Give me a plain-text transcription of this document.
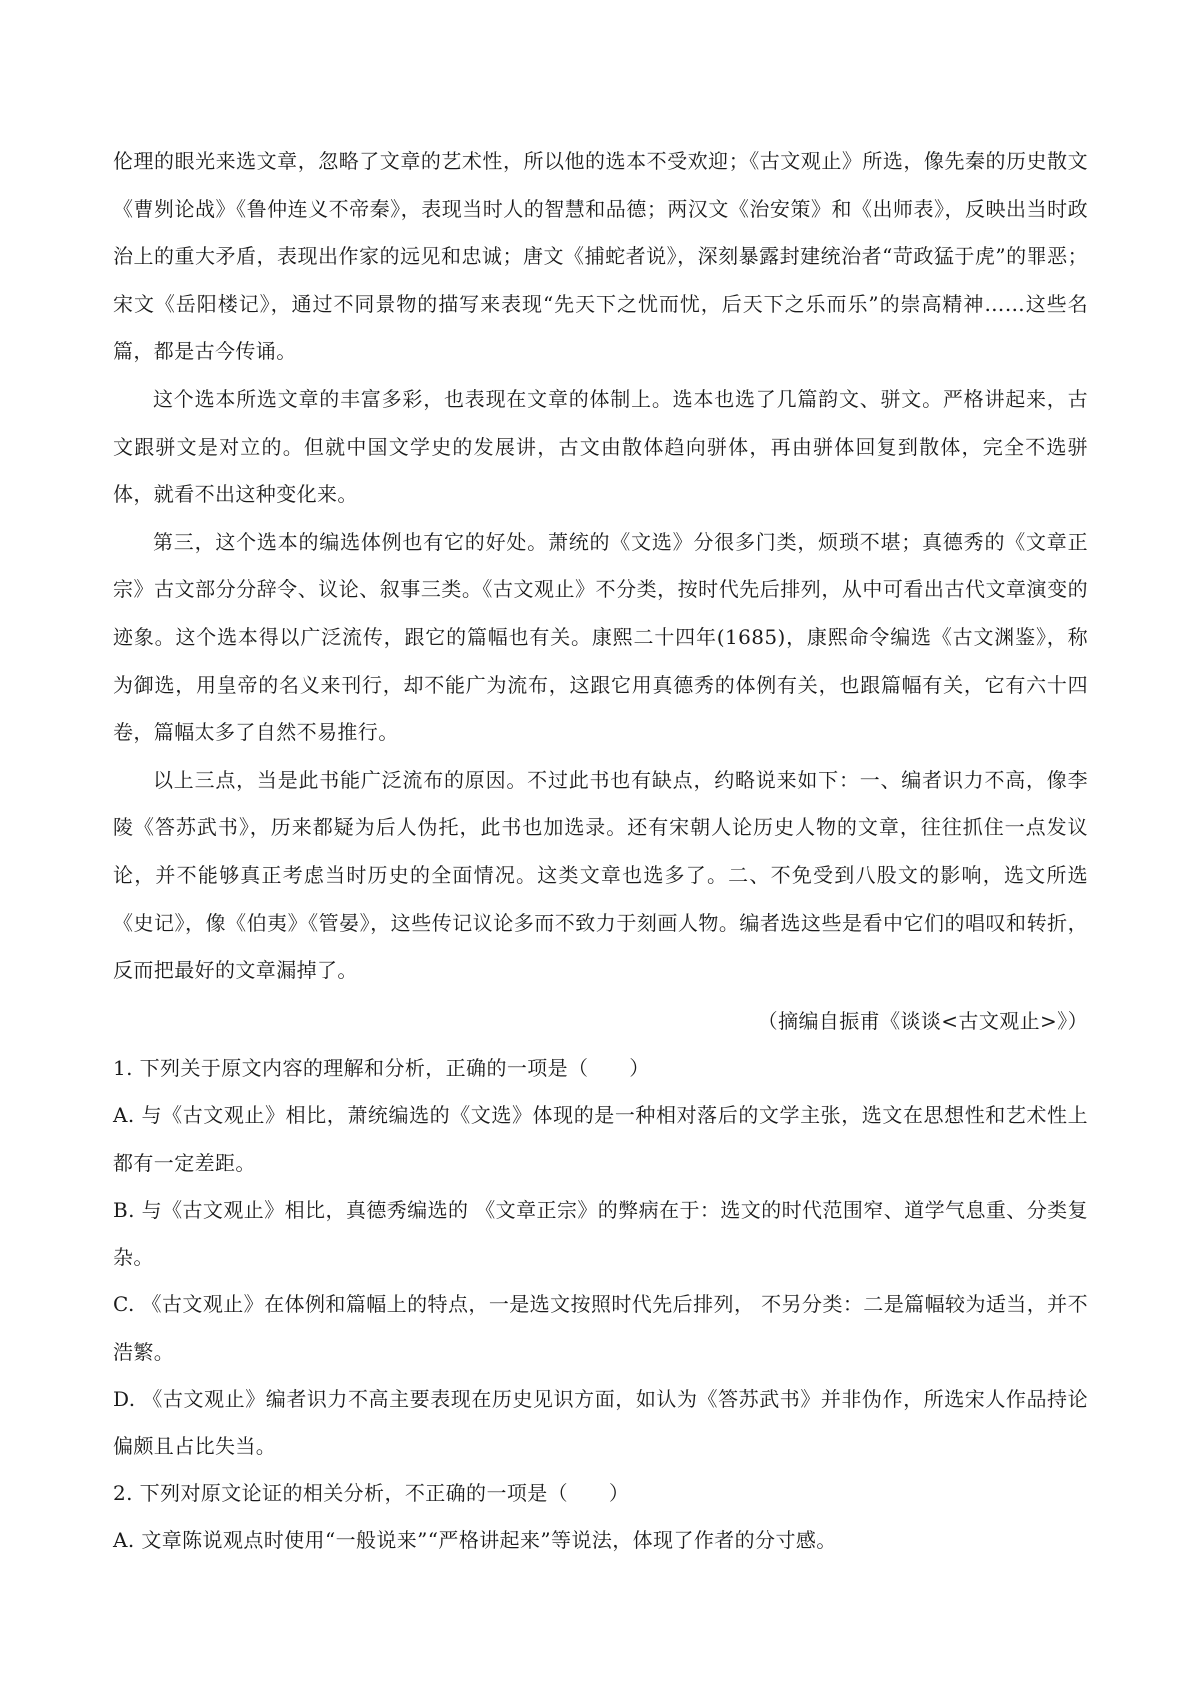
伦理的眼光来选文章，忽略了文章的艺术性，所以他的选本不受欢迎；《古文观止》所选，像先秦的历史散文《曹刿论战》《鲁仲连义不帝秦》，表现当时人的智慧和品德；两汉文《治安策》和《出师表》，反映出当时政治上的重大矛盾，表现出作家的远见和忠诚；唐文《捕蛇者说》，深刻暴露封建统治者“苛政猛于虎”的罪恶；宋文《岳阳楼记》，通过不同景物的描写来表现“先天下之忧而忧，后天下之乐而乐”的崇高精神……这些名篇，都是古今传诵。

这个选本所选文章的丰富多彩，也表现在文章的体制上。选本也选了几篇韵文、骈文。严格讲起来，古文跟骈文是对立的。但就中国文学史的发展讲，古文由散体趋向骈体，再由骈体回复到散体，完全不选骈体，就看不出这种变化来。

第三，这个选本的编选体例也有它的好处。萧统的《文选》分很多门类，烦琐不堪；真德秀的《文章正宗》古文部分分辞令、议论、叙事三类。《古文观止》不分类，按时代先后排列，从中可看出古代文章演变的迹象。这个选本得以广泛流传，跟它的篇幅也有关。康熙二十四年(1685)，康熙命令编选《古文渊鉴》，称为御选，用皇帝的名义来刊行，却不能广为流布，这跟它用真德秀的体例有关，也跟篇幅有关，它有六十四卷，篇幅太多了自然不易推行。

以上三点，当是此书能广泛流布的原因。不过此书也有缺点，约略说来如下：一、编者识力不高，像李陵《答苏武书》，历来都疑为后人伪托，此书也加选录。还有宋朝人论历史人物的文章，往往抓住一点发议论，并不能够真正考虑当时历史的全面情况。这类文章也选多了。二、不免受到八股文的影响，选文所选《史记》，像《伯夷》《管晏》，这些传记议论多而不致力于刻画人物。编者选这些是看中它们的唱叹和转折，反而把最好的文章漏掉了。

（摘编自振甫《谈谈<古文观止>》）

1. 下列关于原文内容的理解和分析，正确的一项是（　　）

A. 与《古文观止》相比，萧统编选的《文选》体现的是一种相对落后的文学主张，选文在思想性和艺术性上都有一定差距。

B. 与《古文观止》相比，真德秀编选的 《文章正宗》的弊病在于：选文的时代范围窄、道学气息重、分类复杂。

C. 《古文观止》在体例和篇幅上的特点，一是选文按照时代先后排列， 不另分类：二是篇幅较为适当，并不浩繁。

D. 《古文观止》编者识力不高主要表现在历史见识方面，如认为《答苏武书》并非伪作，所选宋人作品持论偏颇且占比失当。

2. 下列对原文论证的相关分析，不正确的一项是（　　）

A. 文章陈说观点时使用“一般说来”“严格讲起来”等说法，体现了作者的分寸感。
